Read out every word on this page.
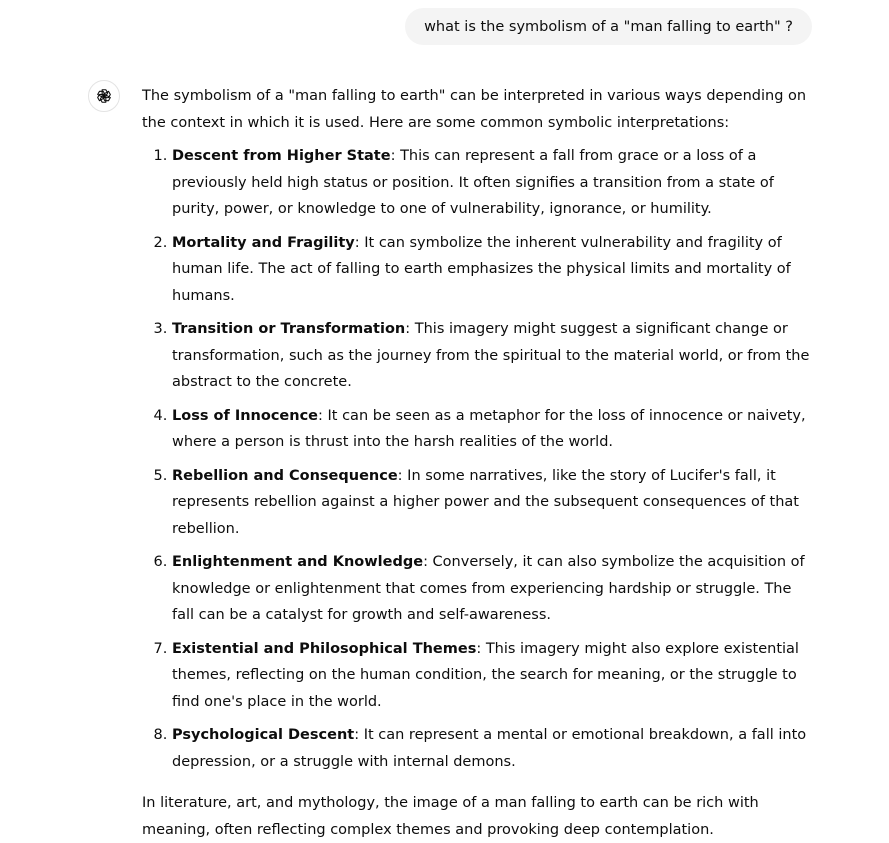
what is the symbolism of a "man falling to earth" ?

The symbolism of a "man falling to earth" can be interpreted in various ways depending on the context in which it is used. Here are some common symbolic interpretations:

1. Descent from Higher State: This can represent a fall from grace or a loss of a previously held high status or position. It often signifies a transition from a state of purity, power, or knowledge to one of vulnerability, ignorance, or humility.
2. Mortality and Fragility: It can symbolize the inherent vulnerability and fragility of human life. The act of falling to earth emphasizes the physical limits and mortality of humans.
3. Transition or Transformation: This imagery might suggest a significant change or transformation, such as the journey from the spiritual to the material world, or from the abstract to the concrete.
4. Loss of Innocence: It can be seen as a metaphor for the loss of innocence or naivety, where a person is thrust into the harsh realities of the world.
5. Rebellion and Consequence: In some narratives, like the story of Lucifer's fall, it represents rebellion against a higher power and the subsequent consequences of that rebellion.
6. Enlightenment and Knowledge: Conversely, it can also symbolize the acquisition of knowledge or enlightenment that comes from experiencing hardship or struggle. The fall can be a catalyst for growth and self-awareness.
7. Existential and Philosophical Themes: This imagery might also explore existential themes, reflecting on the human condition, the search for meaning, or the struggle to find one's place in the world.
8. Psychological Descent: It can represent a mental or emotional breakdown, a fall into depression, or a struggle with internal demons.

In literature, art, and mythology, the image of a man falling to earth can be rich with meaning, often reflecting complex themes and provoking deep contemplation.
